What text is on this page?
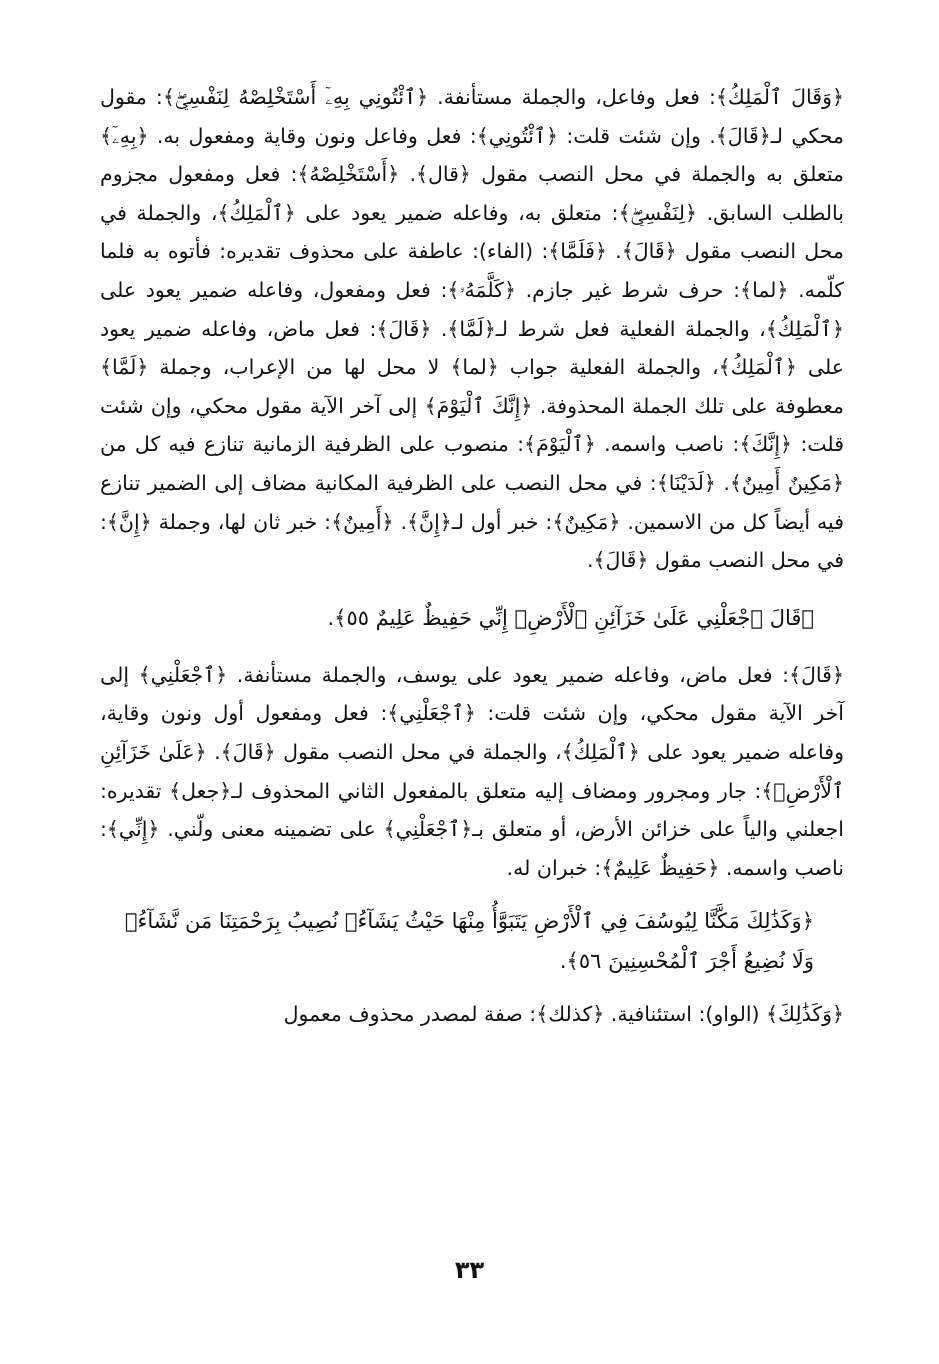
﴿وَقَالَ ٱلْمَلِكُ﴾: فعل وفاعل، والجملة مستأنفة. ﴿ٱئْتُونِي بِهِۦٓ أَسْتَخْلِصْهُ لِنَفْسِيۖ﴾: مقول محكي لـ﴿قَالَ﴾. وإن شئت قلت: ﴿ٱئْتُونِي﴾: فعل وفاعل ونون وقاية ومفعول به. ﴿بِهِۦٓ﴾ متعلق به والجملة في محل النصب مقول ﴿قال﴾. ﴿أَسْتَخْلِصْهُ﴾: فعل ومفعول مجزوم بالطلب السابق. ﴿لِنَفْسِيۖ﴾: متعلق به، وفاعله ضمير يعود على ﴿ٱلْمَلِكُ﴾، والجملة في محل النصب مقول ﴿قَالَ﴾. ﴿فَلَمَّا﴾: (الفاء): عاطفة على محذوف تقديره: فأتوه به فلما كلّمه. ﴿لما﴾: حرف شرط غير جازم. ﴿كَلَّمَهُۥ﴾: فعل ومفعول، وفاعله ضمير يعود على ﴿ٱلْمَلِكُ﴾، والجملة الفعلية فعل شرط لـ﴿لَمَّا﴾. ﴿قَالَ﴾: فعل ماض، وفاعله ضمير يعود على ﴿ٱلْمَلِكُ﴾، والجملة الفعلية جواب ﴿لما﴾ لا محل لها من الإعراب، وجملة ﴿لَمَّا﴾ معطوفة على تلك الجملة المحذوفة. ﴿إِنَّكَ ٱلْيَوْمَ﴾ إلى آخر الآية مقول محكي، وإن شئت قلت: ﴿إِنَّكَ﴾: ناصب واسمه. ﴿ٱلْيَوْمَ﴾: منصوب على الظرفية الزمانية تنازع فيه كل من ﴿مَكِينٌ أَمِينٌ﴾. ﴿لَدَيْنَا﴾: في محل النصب على الظرفية المكانية مضاف إلى الضمير تنازع فيه أيضاً كل من الاسمين. ﴿مَكِينٌ﴾: خبر أول لـ﴿إِنَّ﴾. ﴿أَمِينٌ﴾: خبر ثان لها، وجملة ﴿إِنَّ﴾: في محل النصب مقول ﴿قَالَ﴾.

﴿قَالَ ٱجْعَلْنِي عَلَىٰ خَزَآئِنِ ٱلْأَرْضِۖ إِنِّي حَفِيظٌ عَلِيمٌ ٥٥﴾.

﴿قَالَ﴾: فعل ماض، وفاعله ضمير يعود على يوسف، والجملة مستأنفة. ﴿ٱجْعَلْنِي﴾ إلى آخر الآية مقول محكي، وإن شئت قلت: ﴿ٱجْعَلْنِي﴾: فعل ومفعول أول ونون وقاية، وفاعله ضمير يعود على ﴿ٱلْمَلِكُ﴾، والجملة في محل النصب مقول ﴿قَالَ﴾. ﴿عَلَىٰ خَزَآئِنِ ٱلْأَرْضِۖ﴾: جار ومجرور ومضاف إليه متعلق بالمفعول الثاني المحذوف لـ﴿جعل﴾ تقديره: اجعلني والياً على خزائن الأرض، أو متعلق بـ﴿ٱجْعَلْنِي﴾ على تضمينه معنى ولّني. ﴿إِنِّي﴾: ناصب واسمه. ﴿حَفِيظٌ عَلِيمٌ﴾: خبران له.

﴿وَكَذَٰلِكَ مَكَّنَّا لِيُوسُفَ فِي ٱلْأَرْضِ يَتَبَوَّأُ مِنْهَا حَيْثُ يَشَآءُۚ نُصِيبُ بِرَحْمَتِنَا مَن نَّشَآءُۖ وَلَا نُضِيعُ أَجْرَ ٱلْمُحْسِنِينَ ٥٦﴾.

﴿وَكَذَٰلِكَ﴾ (الواو): استئنافية. ﴿كذلك﴾: صفة لمصدر محذوف معمول

٣٣
